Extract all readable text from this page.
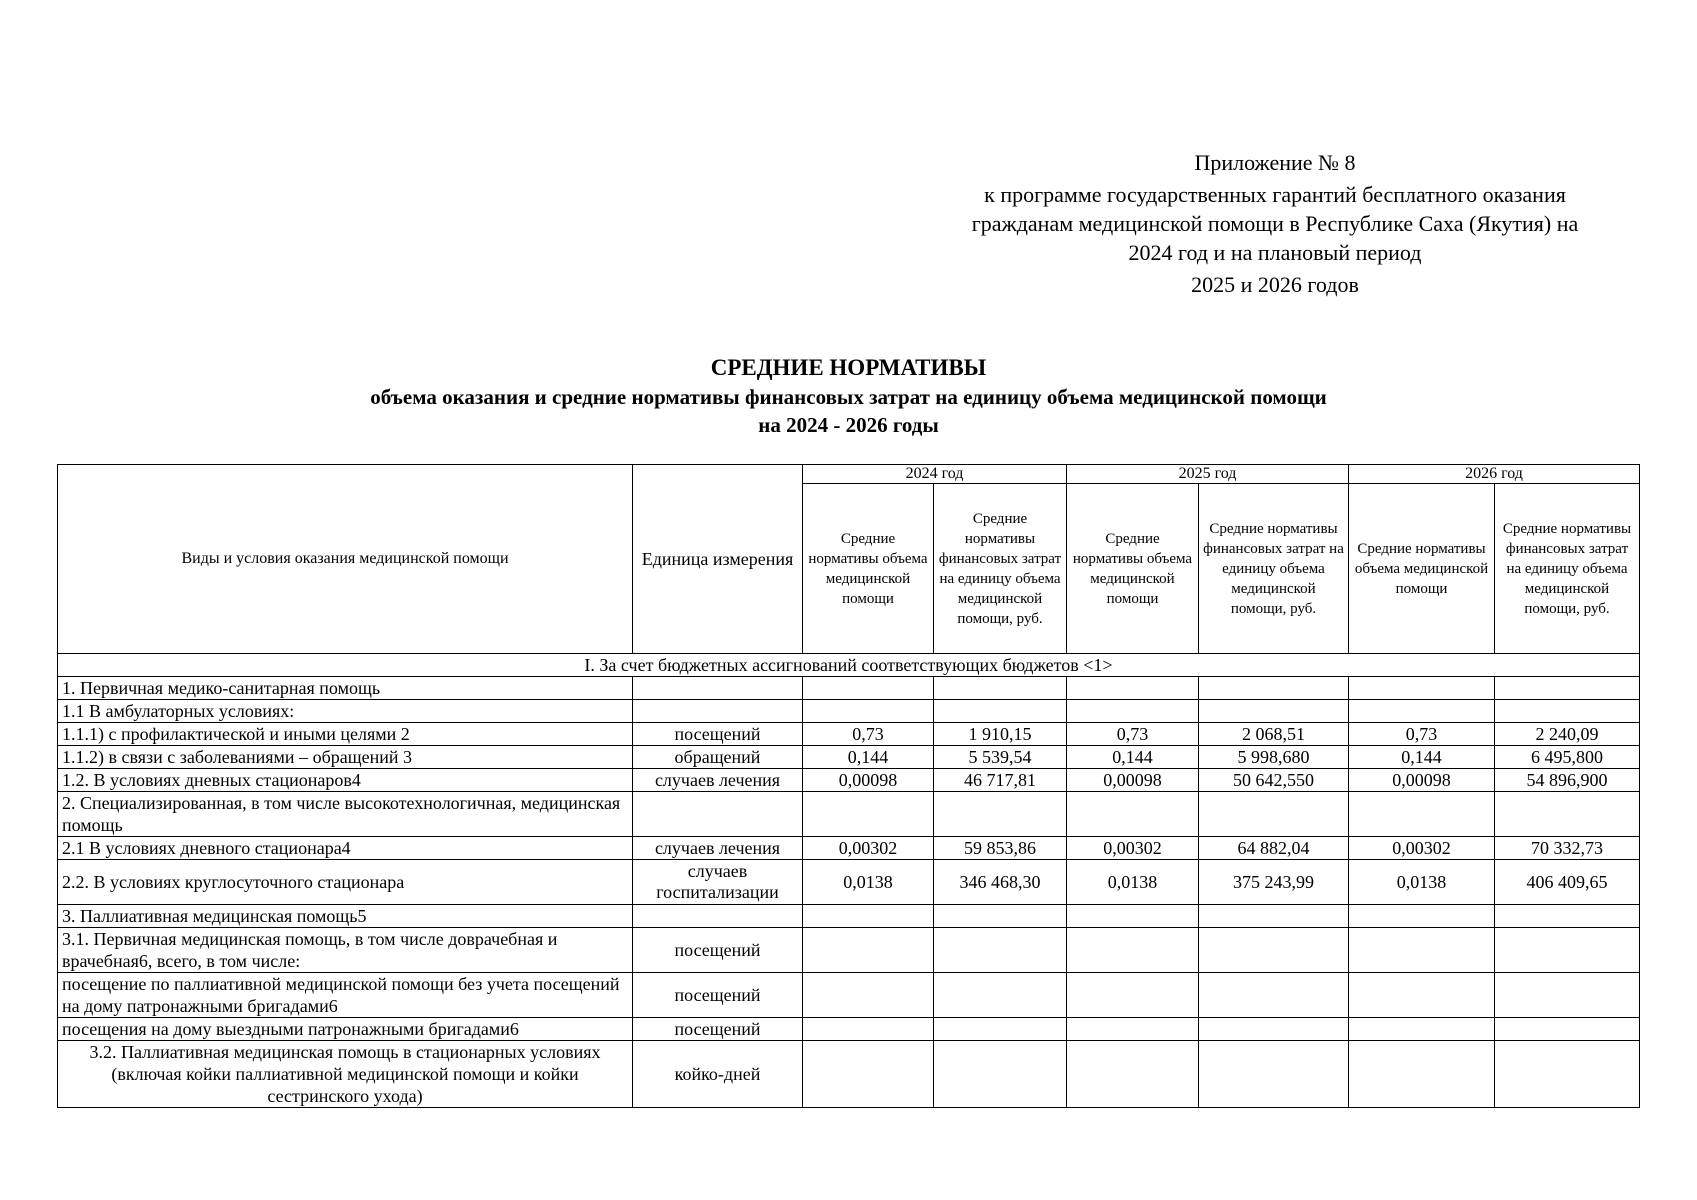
Приложение № 8
к программе государственных гарантий бесплатного оказания
гражданам медицинской помощи в Республике Саха (Якутия) на
2024 год и на плановый период
2025 и 2026 годов
СРЕДНИЕ НОРМАТИВЫ
объема оказания и средние нормативы финансовых затрат на единицу объема медицинской помощи
на 2024 - 2026 годы
Виды и условия оказания медицинской помощи	Единица измерения	2024 год		2025 год		2026 год	
		Средние нормативы объема медицинской помощи	Средние нормативы финансовых затрат на единицу объема медицинской помощи, руб.	Средние нормативы объема медицинской помощи	Средние нормативы финансовых затрат на единицу объема медицинской помощи, руб.	Средние нормативы объема медицинской помощи	Средние нормативы финансовых затрат на единицу объема медицинской помощи, руб.
I. За счет бюджетных ассигнований соответствующих бюджетов <1>							
1. Первичная медико-санитарная помощь							
1.1 В амбулаторных условиях:							
1.1.1) с профилактической и иными целями 2	посещений	0,73	1 910,15	0,73	2 068,51	0,73	2 240,09
1.1.2) в связи с заболеваниями – обращений 3	обращений	0,144	5 539,54	0,144	5 998,680	0,144	6 495,800
1.2. В условиях дневных стационаров4	случаев лечения	0,00098	46 717,81	0,00098	50 642,550	0,00098	54 896,900
2. Специализированная, в том числе высокотехнологичная, медицинская помощь							
2.1 В условиях дневного стационара4	случаев лечения	0,00302	59 853,86	0,00302	64 882,04	0,00302	70 332,73
2.2. В условиях круглосуточного стационара	случаев госпитализации	0,0138	346 468,30	0,0138	375 243,99	0,0138	406 409,65
3. Паллиативная медицинская помощь5							
3.1. Первичная медицинская помощь, в том числе доврачебная и врачебная6, всего, в том числе:	посещений						
посещение по паллиативной медицинской помощи без учета посещений на дому патронажными бригадами6	посещений						
посещения на дому выездными патронажными бригадами6	посещений						
3.2. Паллиативная медицинская помощь в стационарных условиях (включая койки паллиативной медицинской помощи и койки сестринского ухода)	койко-дней						
